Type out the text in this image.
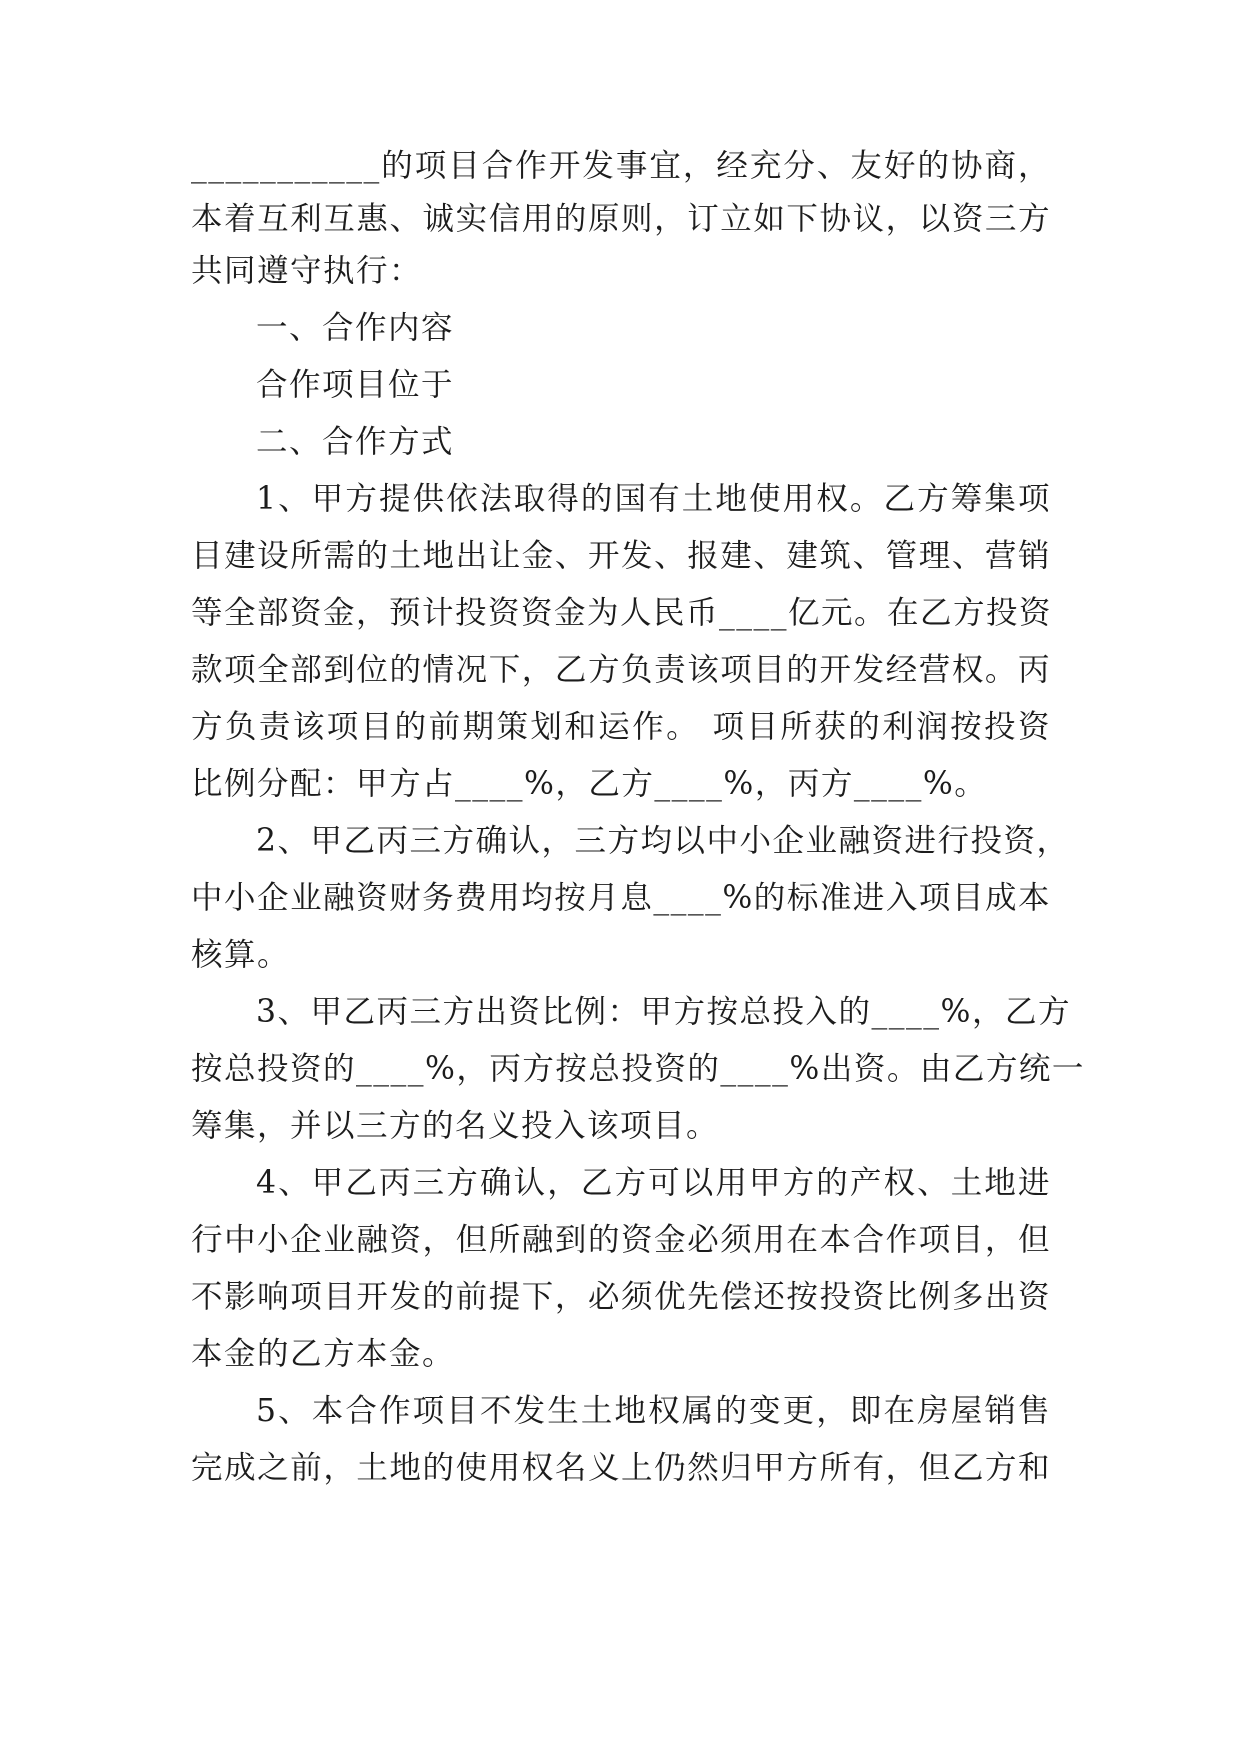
___________的项目合作开发事宜，经充分、友好的协商，
本着互利互惠、诚实信用的原则，订立如下协议，以资三方
共同遵守执行：
一、合作内容
合作项目位于
二、合作方式
1、甲方提供依法取得的国有土地使用权。乙方筹集项
目建设所需的土地出让金、开发、报建、建筑、管理、营销
等全部资金，预计投资资金为人民币____亿元。在乙方投资
款项全部到位的情况下，乙方负责该项目的开发经营权。丙
方负责该项目的前期策划和运作。 项目所获的利润按投资
比例分配：甲方占____%，乙方____%，丙方____%。
2、甲乙丙三方确认，三方均以中小企业融资进行投资，
中小企业融资财务费用均按月息____%的标准进入项目成本
核算。
3、甲乙丙三方出资比例：甲方按总投入的____%，乙方
按总投资的____%，丙方按总投资的____%出资。由乙方统一
筹集，并以三方的名义投入该项目。
4、甲乙丙三方确认，乙方可以用甲方的产权、土地进
行中小企业融资，但所融到的资金必须用在本合作项目，但
不影响项目开发的前提下，必须优先偿还按投资比例多出资
本金的乙方本金。
5、本合作项目不发生土地权属的变更，即在房屋销售
完成之前，土地的使用权名义上仍然归甲方所有，但乙方和
